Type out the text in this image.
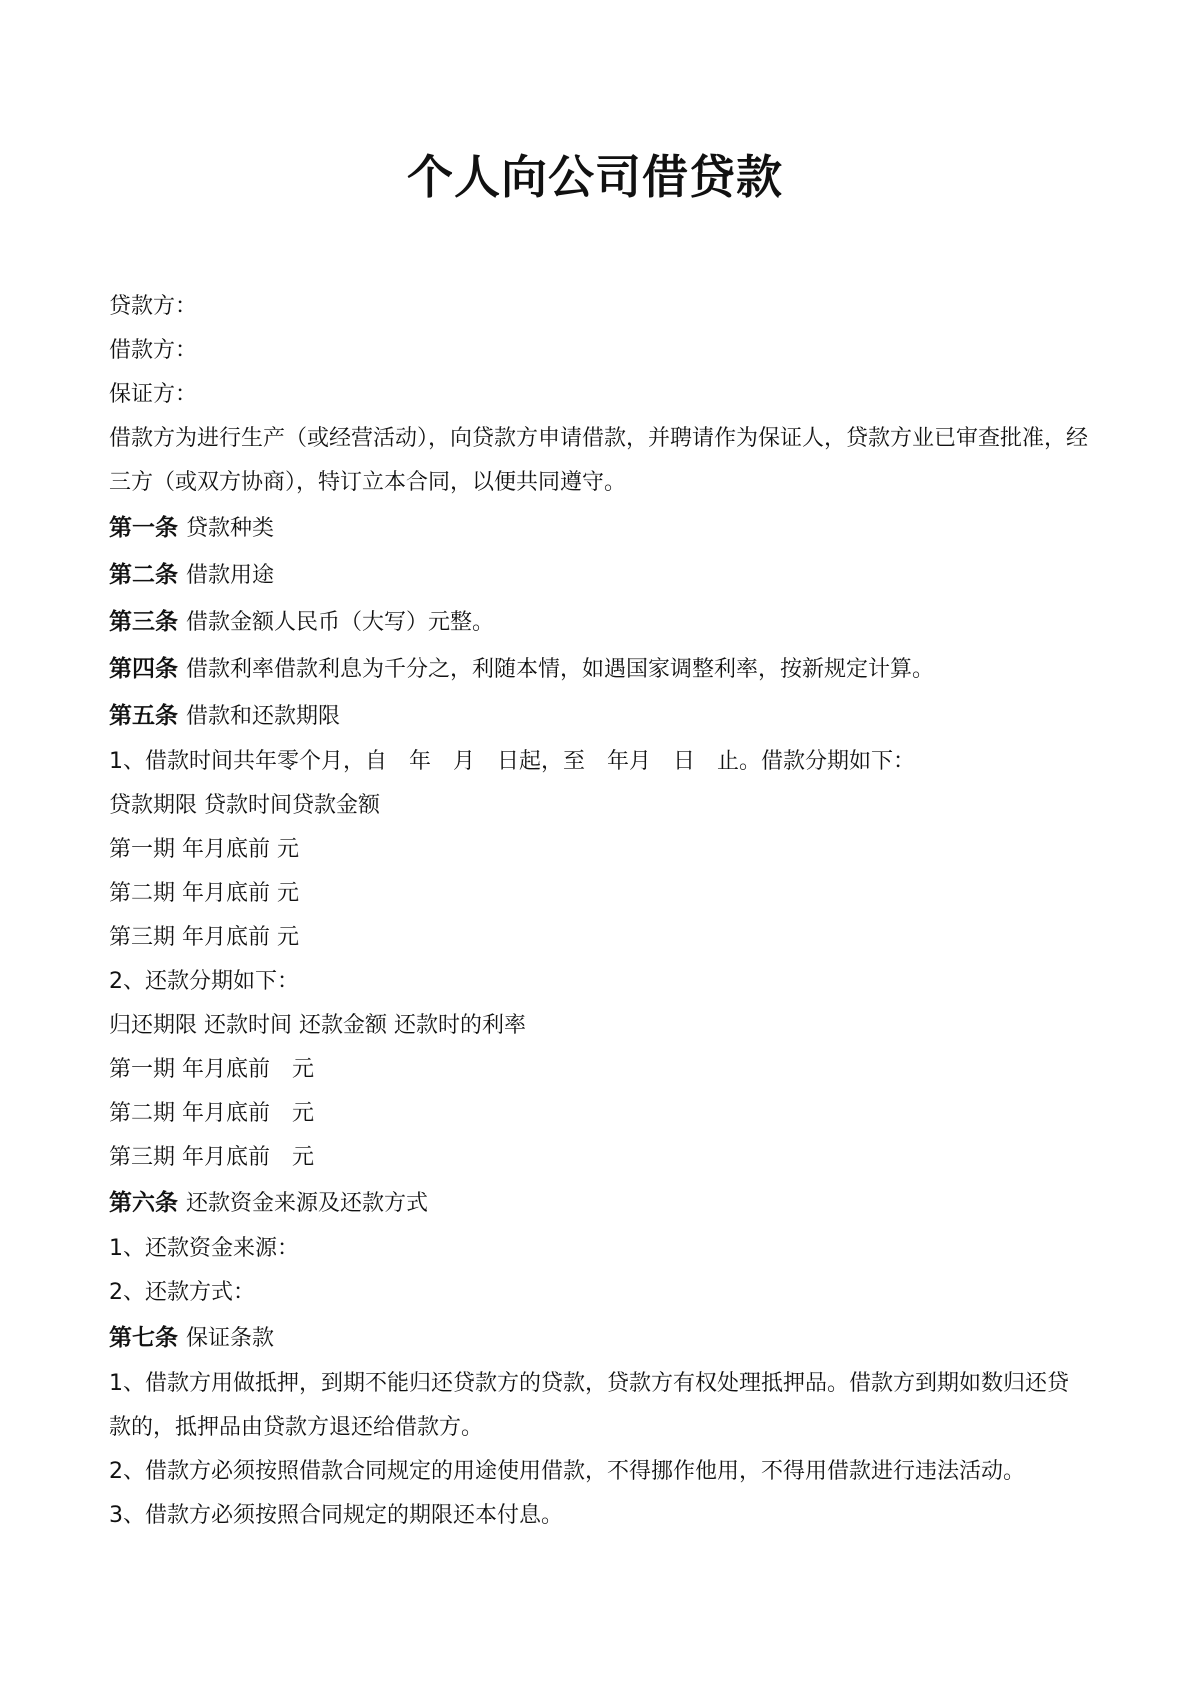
个人向公司借贷款
贷款方：
借款方：
保证方：
借款方为进行生产（或经营活动），向贷款方申请借款，并聘请作为保证人，贷款方业已审查批准，经三方（或双方协商），特订立本合同，以便共同遵守。
第一条 贷款种类
第二条 借款用途
第三条 借款金额人民币（大写）元整。
第四条 借款利率借款利息为千分之，利随本情，如遇国家调整利率，按新规定计算。
第五条 借款和还款期限
1、借款时间共年零个月，自　年　月　日起，至　年月　日　止。借款分期如下：
贷款期限 贷款时间贷款金额
第一期 年月底前 元
第二期 年月底前 元
第三期 年月底前 元
2、还款分期如下：
归还期限 还款时间 还款金额 还款时的利率
第一期 年月底前　元
第二期 年月底前　元
第三期 年月底前　元
第六条 还款资金来源及还款方式
1、还款资金来源：
2、还款方式：
第七条 保证条款
1、借款方用做抵押，到期不能归还贷款方的贷款，贷款方有权处理抵押品。借款方到期如数归还贷款的，抵押品由贷款方退还给借款方。
2、借款方必须按照借款合同规定的用途使用借款，不得挪作他用，不得用借款进行违法活动。
3、借款方必须按照合同规定的期限还本付息。
